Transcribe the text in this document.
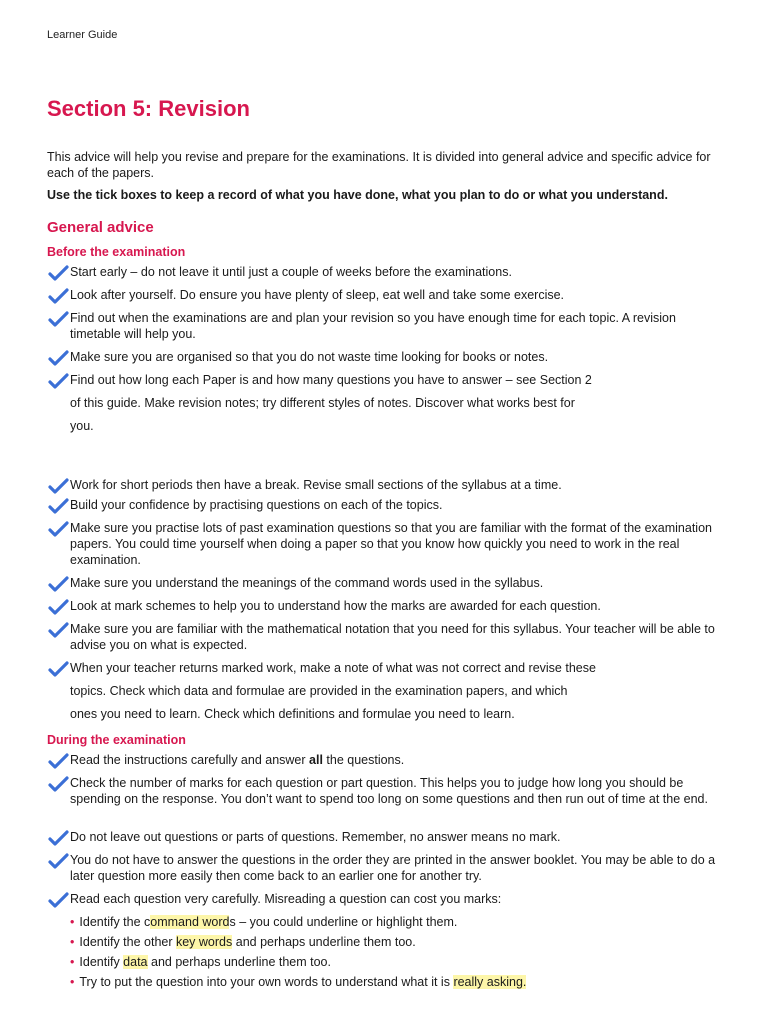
Learner Guide
Section 5: Revision

This advice will help you revise and prepare for the examinations. It is divided into general advice and specific advice for each of the papers.

Use the tick boxes to keep a record of what you have done, what you plan to do or what you understand.

General advice
Before the examination
Start early – do not leave it until just a couple of weeks before the examinations.
Look after yourself. Do ensure you have plenty of sleep, eat well and take some exercise.
Find out when the examinations are and plan your revision so you have enough time for each topic. A revision timetable will help you.
Make sure you are organised so that you do not waste time looking for books or notes.
Find out how long each Paper is and how many questions you have to answer – see Section 2
of this guide. Make revision notes; try different styles of notes. Discover what works best for
you.
Work for short periods then have a break. Revise small sections of the syllabus at a time.
Build your confidence by practising questions on each of the topics.
Make sure you practise lots of past examination questions so that you are familiar with the format of the examination papers. You could time yourself when doing a paper so that you know how quickly you need to work in the real examination.
Make sure you understand the meanings of the command words used in the syllabus.
Look at mark schemes to help you to understand how the marks are awarded for each question.
Make sure you are familiar with the mathematical notation that you need for this syllabus. Your teacher will be able to advise you on what is expected.
When your teacher returns marked work, make a note of what was not correct and revise these
topics. Check which data and formulae are provided in the examination papers, and which
ones you need to learn. Check which definitions and formulae you need to learn.
During the examination
Read the instructions carefully and answer all the questions.
Check the number of marks for each question or part question. This helps you to judge how long you should be spending on the response. You don’t want to spend too long on some questions and then run out of time at the end.
Do not leave out questions or parts of questions. Remember, no answer means no mark.
You do not have to answer the questions in the order they are printed in the answer booklet. You may be able to do a later question more easily then come back to an earlier one for another try.
Read each question very carefully. Misreading a question can cost you marks:
• Identify the command words – you could underline or highlight them.
• Identify the other key words and perhaps underline them too.
• Identify data and perhaps underline them too.
• Try to put the question into your own words to understand what it is really asking.
